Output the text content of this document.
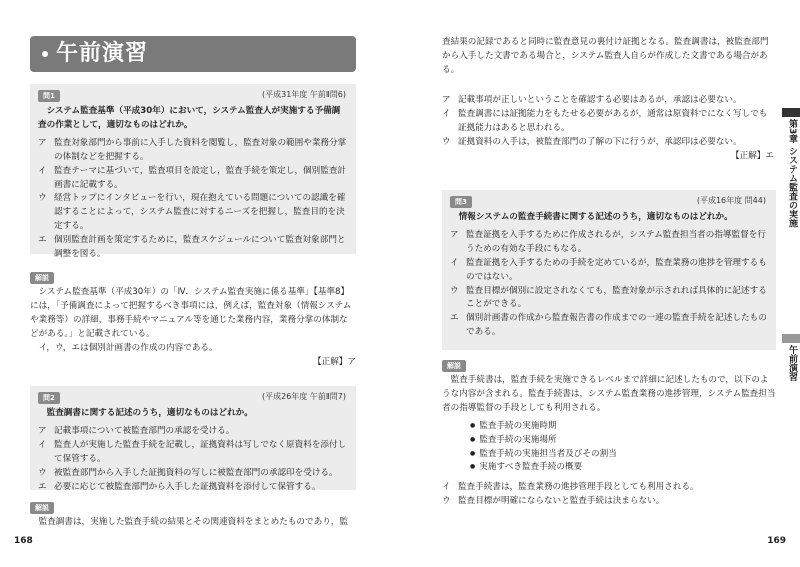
午前演習
問1	(平成31年度 午前Ⅱ問6)
システム監査基準（平成30年）において，システム監査人が実施する予備調査の作業として，適切なものはどれか。
ア 監査対象部門から事前に入手した資料を閲覧し，監査対象の範囲や業務分掌の体制などを把握する。
イ 監査テーマに基づいて，監査項目を設定し，監査手続を策定し，個別監査計画書に記載する。
ウ 経営トップにインタビューを行い，現在抱えている問題についての認識を確認することによって，システム監査に対するニーズを把握し，監査目的を決定する。
エ 個別監査計画を策定するために，監査スケジュールについて監査対象部門と調整を図る。
解説
システム監査基準（平成30年）の「Ⅳ．システム監査実施に係る基準」【基準8】には，「予備調査によって把握するべき事項には，例えば，監査対象（情報システムや業務等）の詳細，事務手続やマニュアル等を通じた業務内容，業務分掌の体制などがある。」と記載されている。
イ，ウ，エは個別計画書の作成の内容である。
【正解】ア
問2	(平成26年度 午前Ⅱ問7)
監査調書に関する記述のうち，適切なものはどれか。
ア 記載事項について被監査部門の承認を受ける。
イ 監査人が実施した監査手続を記載し，証拠資料は写しでなく原資料を添付して保管する。
ウ 被監査部門から入手した証拠資料の写しに被監査部門の承認印を受ける。
エ 必要に応じて被監査部門から入手した証拠資料を添付して保管する。
解説
監査調書は，実施した監査手続の結果とその関連資料をまとめたものであり，監
168
査結果の記録であると同時に監査意見の裏付け証拠となる。監査調書は，被監査部門から入手した文書である場合と，システム監査人自らが作成した文書である場合がある。
ア 記載事項が正しいということを確認する必要はあるが，承認は必要ない。
イ 監査調書には証拠能力をもたせる必要があるが，通常は原資料でになく写しでも証拠能力はあると思われる。
ウ 証拠資料の入手は，被監査部門の了解の下に行うが，承認印は必要ない。
【正解】エ
問3	(平成16年度 問44)
情報システムの監査手続書に関する記述のうち，適切なものはどれか。
ア 監査証拠を入手するために作成されるが，システム監査担当者の指導監督を行うための有効な手段にもなる。
イ 監査証拠を入手するための手続を定めているが，監査業務の進捗を管理するものではない。
ウ 監査目標が個別に設定されなくても，監査対象が示されれば具体的に記述することができる。
エ 個別計画書の作成から監査報告書の作成までの一連の監査手続を記述したものである。
解説
監査手続書は，監査手続を実施できるレベルまで詳細に記述したもので，以下のような内容が含まれる。監査手続書は，システム監査業務の進捗管理，システム監査担当者の指導監督の手段としても利用される。
● 監査手続の実施時期
● 監査手続の実施場所
● 監査手続の実施担当者及びその割当
● 実施すべき監査手続の概要
イ 監査手続書は，監査業務の進捗管理手段としても利用される。
ウ 監査目標が明確にならないと監査手続は決まらない。
169
第3章 システム監査の実施
午前演習
